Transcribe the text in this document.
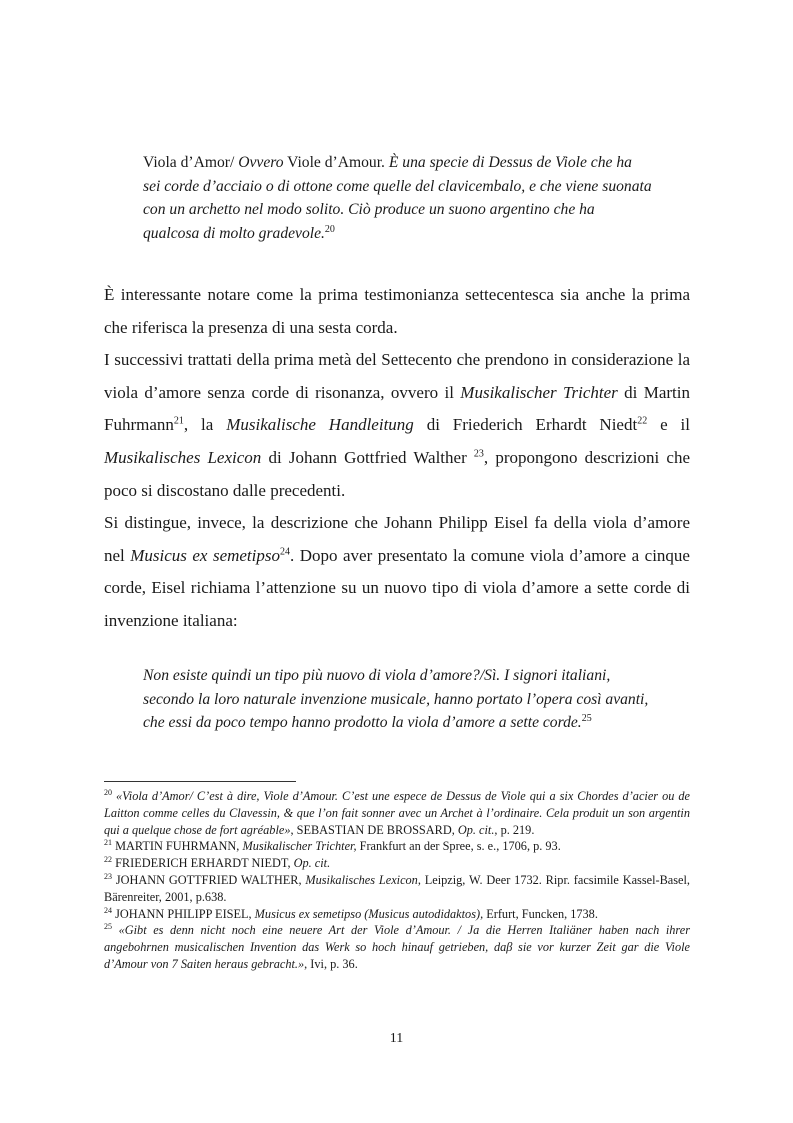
Viola d’Amor/ Ovvero Viole d’Amour. È una specie di Dessus de Viole che ha sei corde d’acciaio o di ottone come quelle del clavicembalo, e che viene suonata con un archetto nel modo solito. Ciò produce un suono argentino che ha qualcosa di molto gradevole.$^{20}$

È interessante notare come la prima testimonianza settecentesca sia anche la prima che riferisca la presenza di una sesta corda.

I successivi trattati della prima metà del Settecento che prendono in considerazione la viola d’amore senza corde di risonanza, ovvero il Musikalischer Trichter di Martin Fuhrmann$^{21}$, la Musikalische Handleitung di Friederich Erhardt Niedt$^{22}$ e il Musikalisches Lexicon di Johann Gottfried Walther $^{23}$, propongono descrizioni che poco si discostano dalle precedenti.

Si distingue, invece, la descrizione che Johann Philipp Eisel fa della viola d’amore nel Musicus ex semetipso$^{24}$. Dopo aver presentato la comune viola d’amore a cinque corde, Eisel richiama l’attenzione su un nuovo tipo di viola d’amore a sette corde di invenzione italiana:

Non esiste quindi un tipo più nuovo di viola d’amore?/Sì. I signori italiani, secondo la loro naturale invenzione musicale, hanno portato l’opera così avanti, che essi da poco tempo hanno prodotto la viola d’amore a sette corde.$^{25}$

$^{20}$ «Viola d’Amor/ C’est à dire, Viole d’Amour. C’est une espece de Dessus de Viole qui a six Chordes d’acier ou de Laitton comme celles du Clavessin, & que l’on fait sonner avec un Archet à l’ordinaire. Cela produit un son argentin qui a quelque chose de fort agréable», SEBASTIAN DE BROSSARD, Op. cit., p. 219.

$^{21}$ MARTIN FUHRMANN, Musikalischer Trichter, Frankfurt an der Spree, s. e., 1706, p. 93.

$^{22}$ FRIEDERICH ERHARDT NIEDT, Op. cit.

$^{23}$ JOHANN GOTTFRIED WALTHER, Musikalisches Lexicon, Leipzig, W. Deer 1732. Ripr. facsimile Kassel-Basel, Bärenreiter, 2001, p.638.

$^{24}$ JOHANN PHILIPP EISEL, Musicus ex semetipso (Musicus autodidaktos), Erfurt, Funcken, 1738.

$^{25}$ «Gibt es denn nicht noch eine neuere Art der Viole d’Amour. / Ja die Herren Italiäner haben nach ihrer angebohrnen musicalischen Invention das Werk so hoch hinauf getrieben, daβ sie vor kurzer Zeit gar die Viole d’Amour von 7 Saiten heraus gebracht.», Ivi, p. 36.

11
